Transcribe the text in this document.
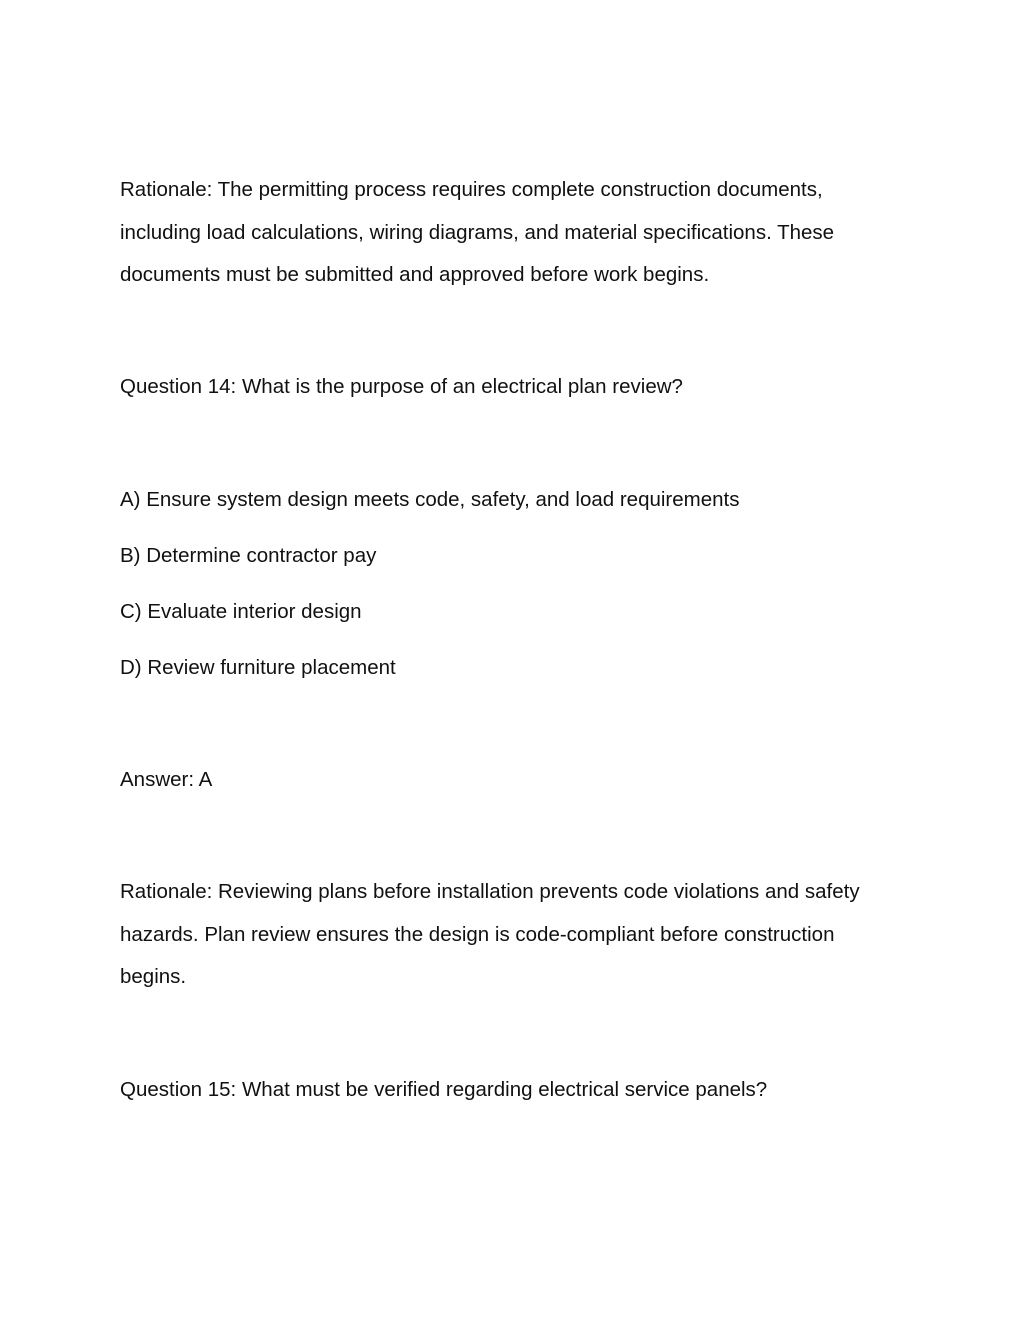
Rationale: The permitting process requires complete construction documents,
including load calculations, wiring diagrams, and material specifications. These
documents must be submitted and approved before work begins.
Question 14: What is the purpose of an electrical plan review?
A) Ensure system design meets code, safety, and load requirements
B) Determine contractor pay
C) Evaluate interior design
D) Review furniture placement
Answer: A
Rationale: Reviewing plans before installation prevents code violations and safety
hazards. Plan review ensures the design is code-compliant before construction
begins.
Question 15: What must be verified regarding electrical service panels?
